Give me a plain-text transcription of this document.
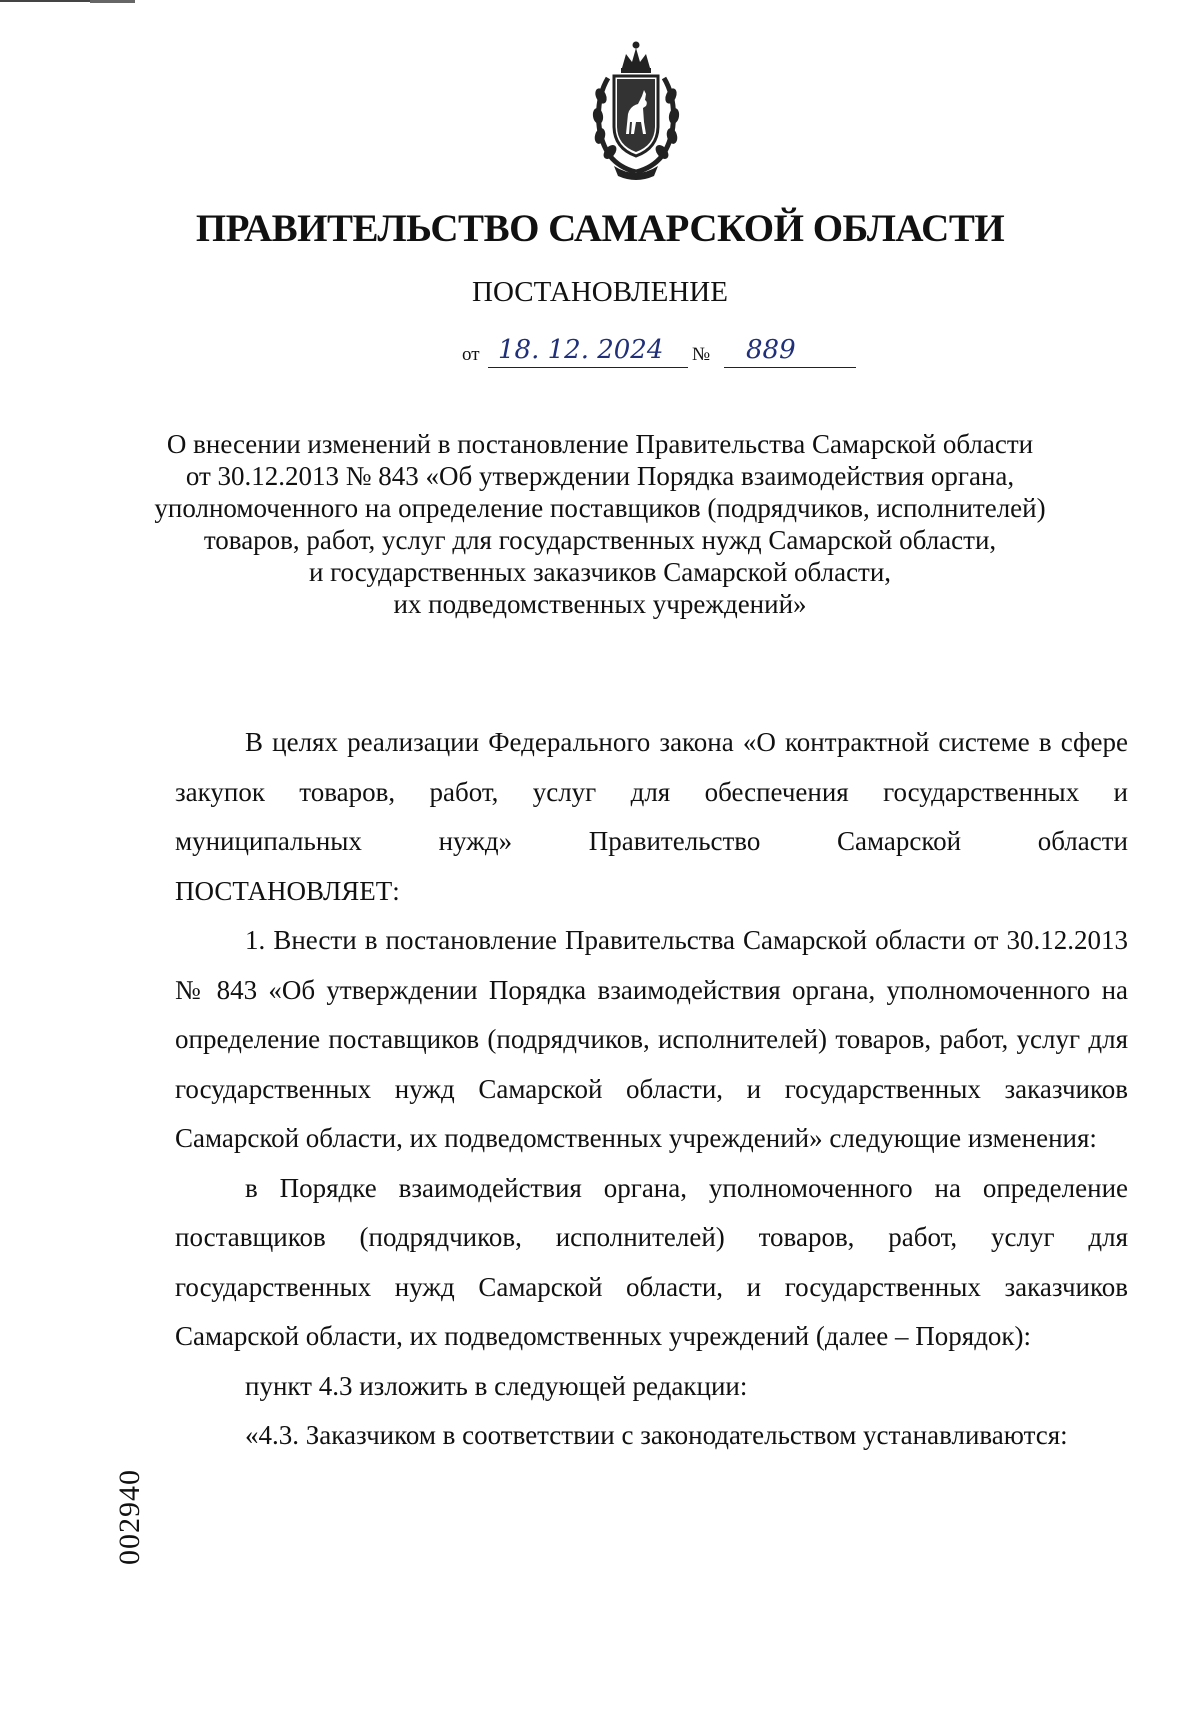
ПРАВИТЕЛЬСТВО САМАРСКОЙ ОБЛАСТИ
ПОСТАНОВЛЕНИЕ
от 18. 12. 2024 № 889
О внесении изменений в постановление Правительства Самарской области
от 30.12.2013 № 843 «Об утверждении Порядка взаимодействия органа,
уполномоченного на определение поставщиков (подрядчиков, исполнителей)
товаров, работ, услуг для государственных нужд Самарской области,
и государственных заказчиков Самарской области,
их подведомственных учреждений»

В целях реализации Федерального закона «О контрактной системе в сфере закупок товаров, работ, услуг для обеспечения государственных и муниципальных нужд» Правительство Самарской области

ПОСТАНОВЛЯЕТ:

1. Внести в постановление Правительства Самарской области от 30.12.2013 № 843 «Об утверждении Порядка взаимодействия органа, уполномоченного на определение поставщиков (подрядчиков, исполнителей) товаров, работ, услуг для государственных нужд Самарской области, и государственных заказчиков Самарской области, их подведомственных учреждений» следующие изменения:

в Порядке взаимодействия органа, уполномоченного на определение поставщиков (подрядчиков, исполнителей) товаров, работ, услуг для государственных нужд Самарской области, и государственных заказчиков Самарской области, их подведомственных учреждений (далее – Порядок):

пункт 4.3 изложить в следующей редакции:

«4.3. Заказчиком в соответствии с законодательством устанавливаются:

002940
